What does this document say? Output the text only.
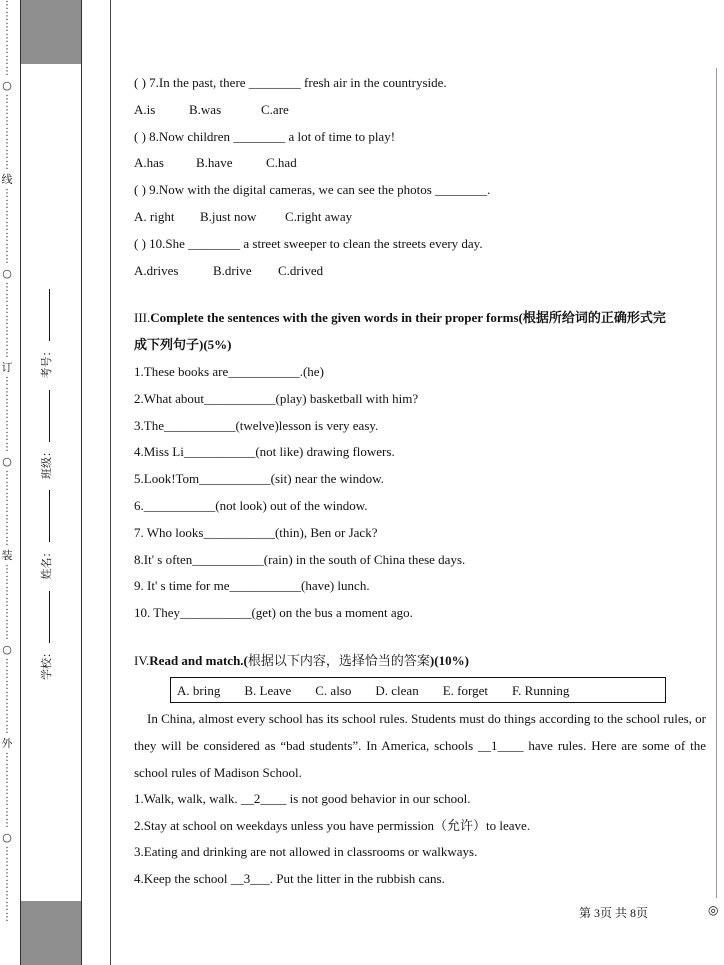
⋮
⋮
⋮
⋮
⋮
⋮
⋮
○
⋮
⋮
⋮
⋮
⋮
⋮
⋮
线
⋮
⋮
⋮
⋮
⋮
⋮
⋮
○
⋮
⋮
⋮
⋮
⋮
⋮
⋮
订
⋮
⋮
⋮
⋮
⋮
⋮
⋮
○
⋮
⋮
⋮
⋮
⋮
⋮
⋮
装
⋮
⋮
⋮
⋮
⋮
⋮
⋮
○
⋮
⋮
⋮
⋮
⋮
⋮
⋮
外
⋮
⋮
⋮
⋮
⋮
⋮
⋮
○
⋮
⋮
⋮
⋮
⋮
⋮
⋮
学校： 姓名： 班级： 考号：
( ) 7.In the past, there ________ fresh air in the countryside.
A.is	B.was	C.are
( ) 8.Now children ________ a lot of time to play!
A.has B.have	C.had
( ) 9.Now with the digital cameras, we can see the photos ________.
A. right B.just now C.right away
( ) 10.She ________ a street sweeper to clean the streets every day.
A.drives	B.drive C.drived
III.Complete the sentences with the given words in their proper forms(根据所给词的正确形式完
成下列句子)(5%)
1.These books are___________.(he)
2.What about___________(play) basketball with him?
3.The___________(twelve)lesson is very easy.
4.Miss Li___________(not like) drawing flowers.
5.Look!Tom___________(sit) near the window.
6.___________(not look) out of the window.
7. Who looks___________(thin), Ben or Jack?
8.It' s often___________(rain) in the south of China these days.
9. It' s time for me___________(have) lunch.
10. They___________(get) on the bus a moment ago.
IV.Read and match.(根据以下内容，选择恰当的答案)(10%)
A. bring B. Leave C. also D. clean E. forget F. Running
In China, almost every school has its school rules. Students must do things according to the school rules, or they will be considered as “bad students”. In America, schools __1____ have rules. Here are some of the school rules of Madison School.
1.Walk, walk, walk. __2____ is not good behavior in our school.
2.Stay at school on weekdays unless you have permission（允许）to leave.
3.Eating and drinking are not allowed in classrooms or walkways.
4.Keep the school __3___. Put the litter in the rubbish cans.
第 3页 共 8页	◎
